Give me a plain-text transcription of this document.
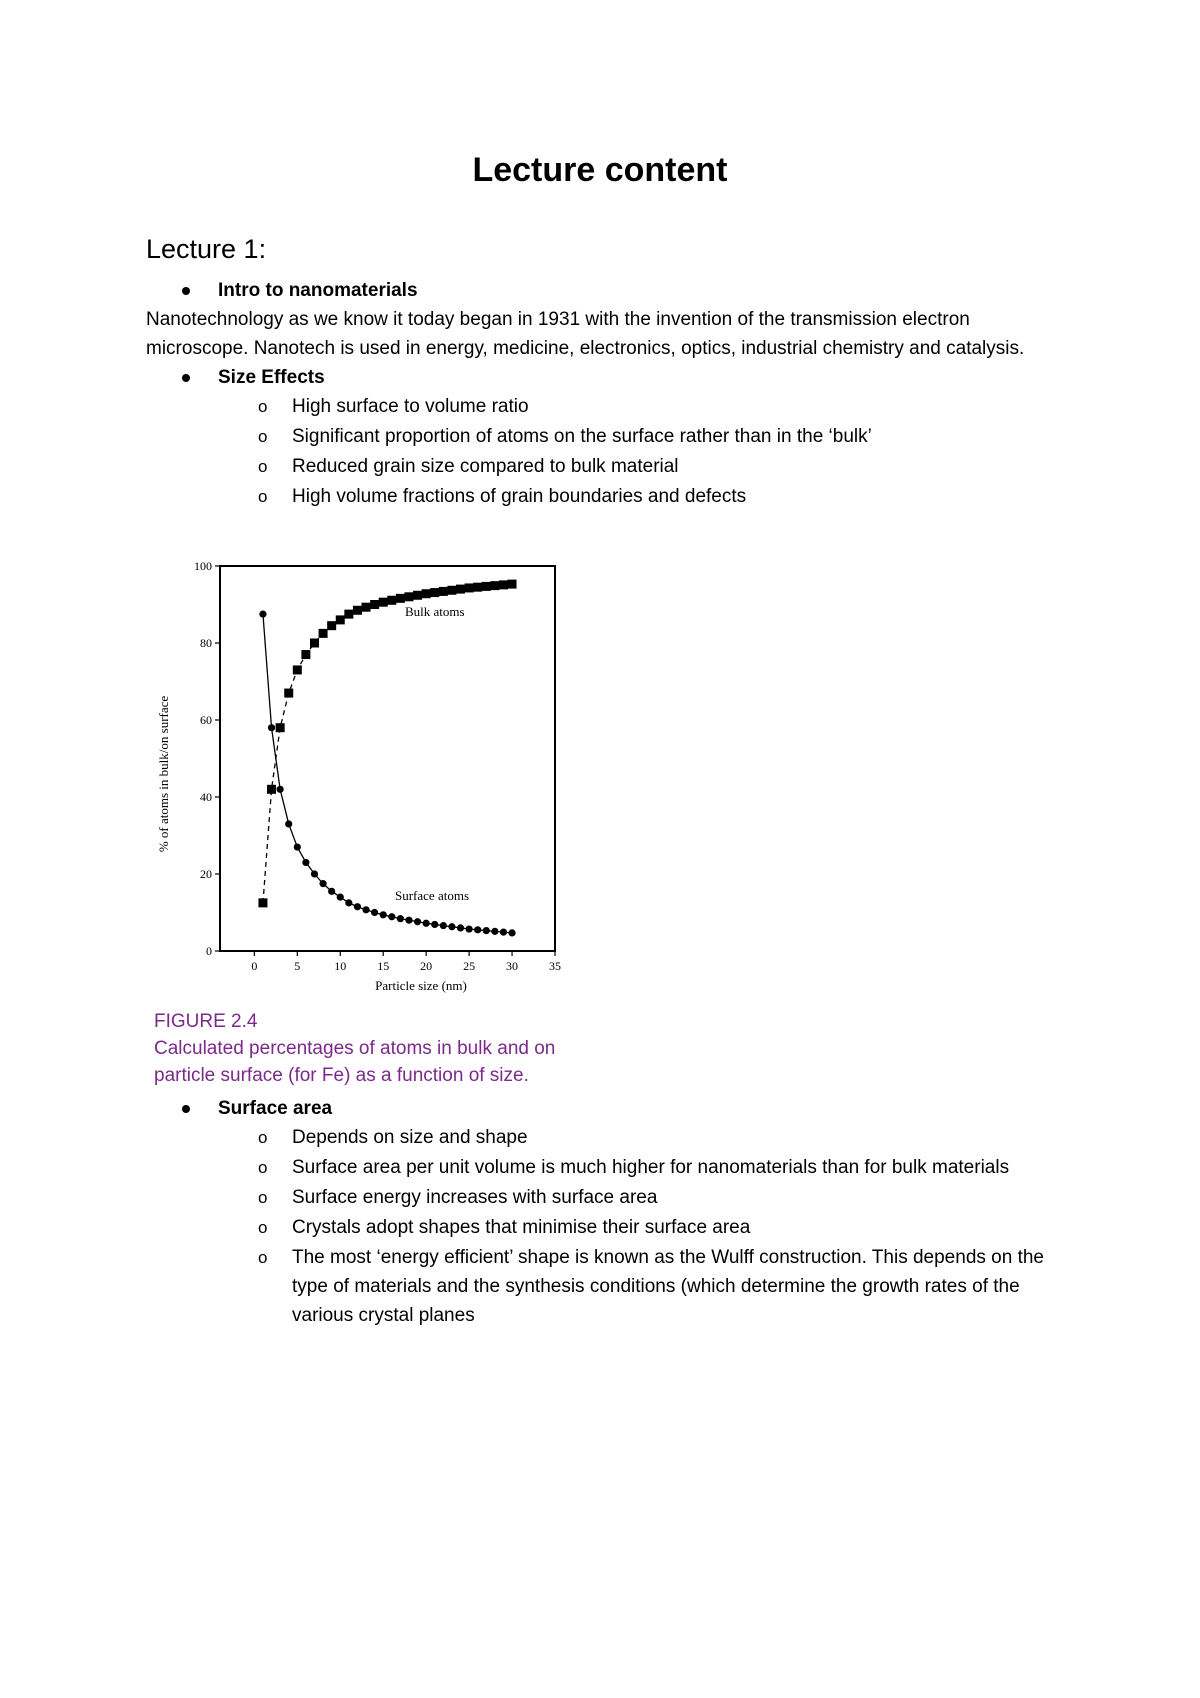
Lecture content
Lecture 1:
Intro to nanomaterials

Nanotechnology as we know it today began in 1931 with the invention of the transmission electron microscope. Nanotech is used in energy, medicine, electronics, optics, industrial chemistry and catalysis.

Size Effects
o High surface to volume ratio
o Significant proportion of atoms on the surface rather than in the ‘bulk’
o Reduced grain size compared to bulk material
o High volume fractions of grain boundaries and defects
0
20
40
60
80
100
0	5	10	15	20	25	30	35
Particle size (nm)
% of atoms in bulk/on surface
Bulk atoms
Surface atoms
FIGURE 2.4
Calculated percentages of atoms in bulk and on
particle surface (for Fe) as a function of size.
Surface area
o Depends on size and shape
o Surface area per unit volume is much higher for nanomaterials than for bulk materials
o Surface energy increases with surface area
o Crystals adopt shapes that minimise their surface area
o The most ‘energy efficient’ shape is known as the Wulff construction. This depends on the type of materials and the synthesis conditions (which determine the growth rates of the various crystal planes
